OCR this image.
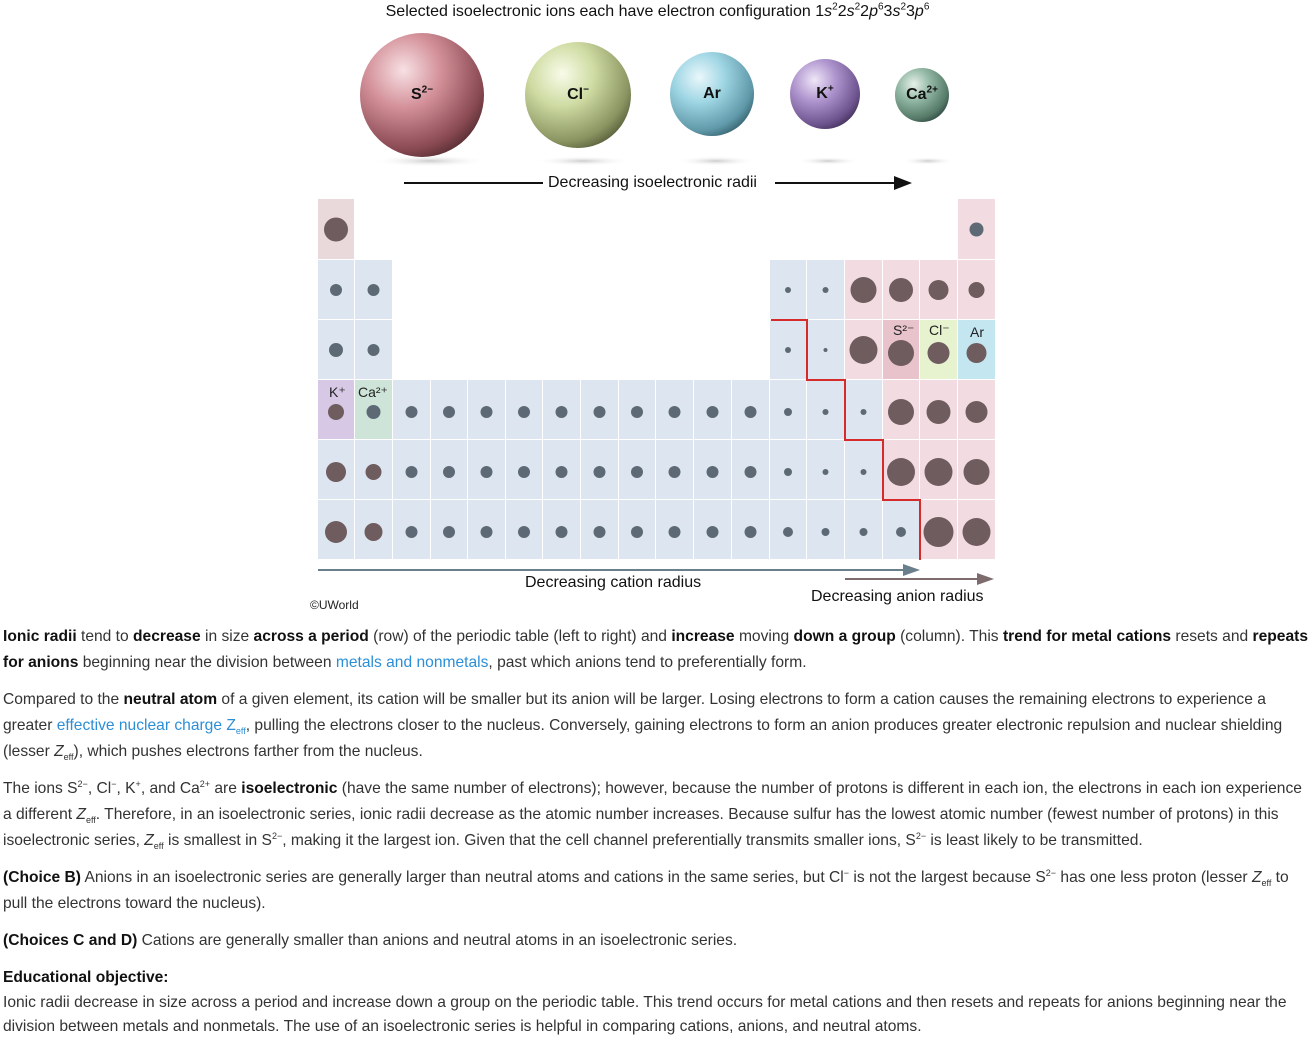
Selected isoelectronic ions each have electron configuration $1s^22s^22p^63s^23p^6$
$S^{2-}$	Cl−	Ar	K+	$Ca^{2+}$
S²⁻ Cl⁻ Ar
K⁺ Ca²⁺
Decreasing isoelectronic radii
Decreasing cation radius
Decreasing anion radius
©UWorld

Ionic radii tend to decrease in size across a period (row) of the periodic table (left to right) and increase moving down a group (column). This trend for metal cations resets and repeats for anions beginning near the division between metals and nonmetals, past which anions tend to preferentially form.

Compared to the neutral atom of a given element, its cation will be smaller but its anion will be larger. Losing electrons to form a cation causes the remaining electrons to experience a greater effective nuclear charge $Z_{eff}$, pulling the electrons closer to the nucleus. Conversely, gaining electrons to form an anion produces greater electronic repulsion and nuclear shielding (lesser $Z_{eff}$), which pushes electrons farther from the nucleus.

The ions $S^{2-}$, Cl−, K+, and $Ca^{2+}$ are isoelectronic (have the same number of electrons); however, because the number of protons is different in each ion, the electrons in each ion experience a different $Z_{eff}$. Therefore, in an isoelectronic series, ionic radii decrease as the atomic number increases. Because sulfur has the lowest atomic number (fewest number of protons) in this isoelectronic series, $Z_{eff}$ is smallest in $S^{2-}$, making it the largest ion. Given that the cell channel preferentially transmits smaller ions, $S^{2-}$ is least likely to be transmitted.

(Choice B) Anions in an isoelectronic series are generally larger than neutral atoms and cations in the same series, but Cl− is not the largest because $S^{2-}$ has one less proton (lesser $Z_{eff}$ to pull the electrons toward the nucleus).

(Choices C and D) Cations are generally smaller than anions and neutral atoms in an isoelectronic series.

Educational objective:

Ionic radii decrease in size across a period and increase down a group on the periodic table. This trend occurs for metal cations and then resets and repeats for anions beginning near the division between metals and nonmetals. The use of an isoelectronic series is helpful in comparing cations, anions, and neutral atoms.
